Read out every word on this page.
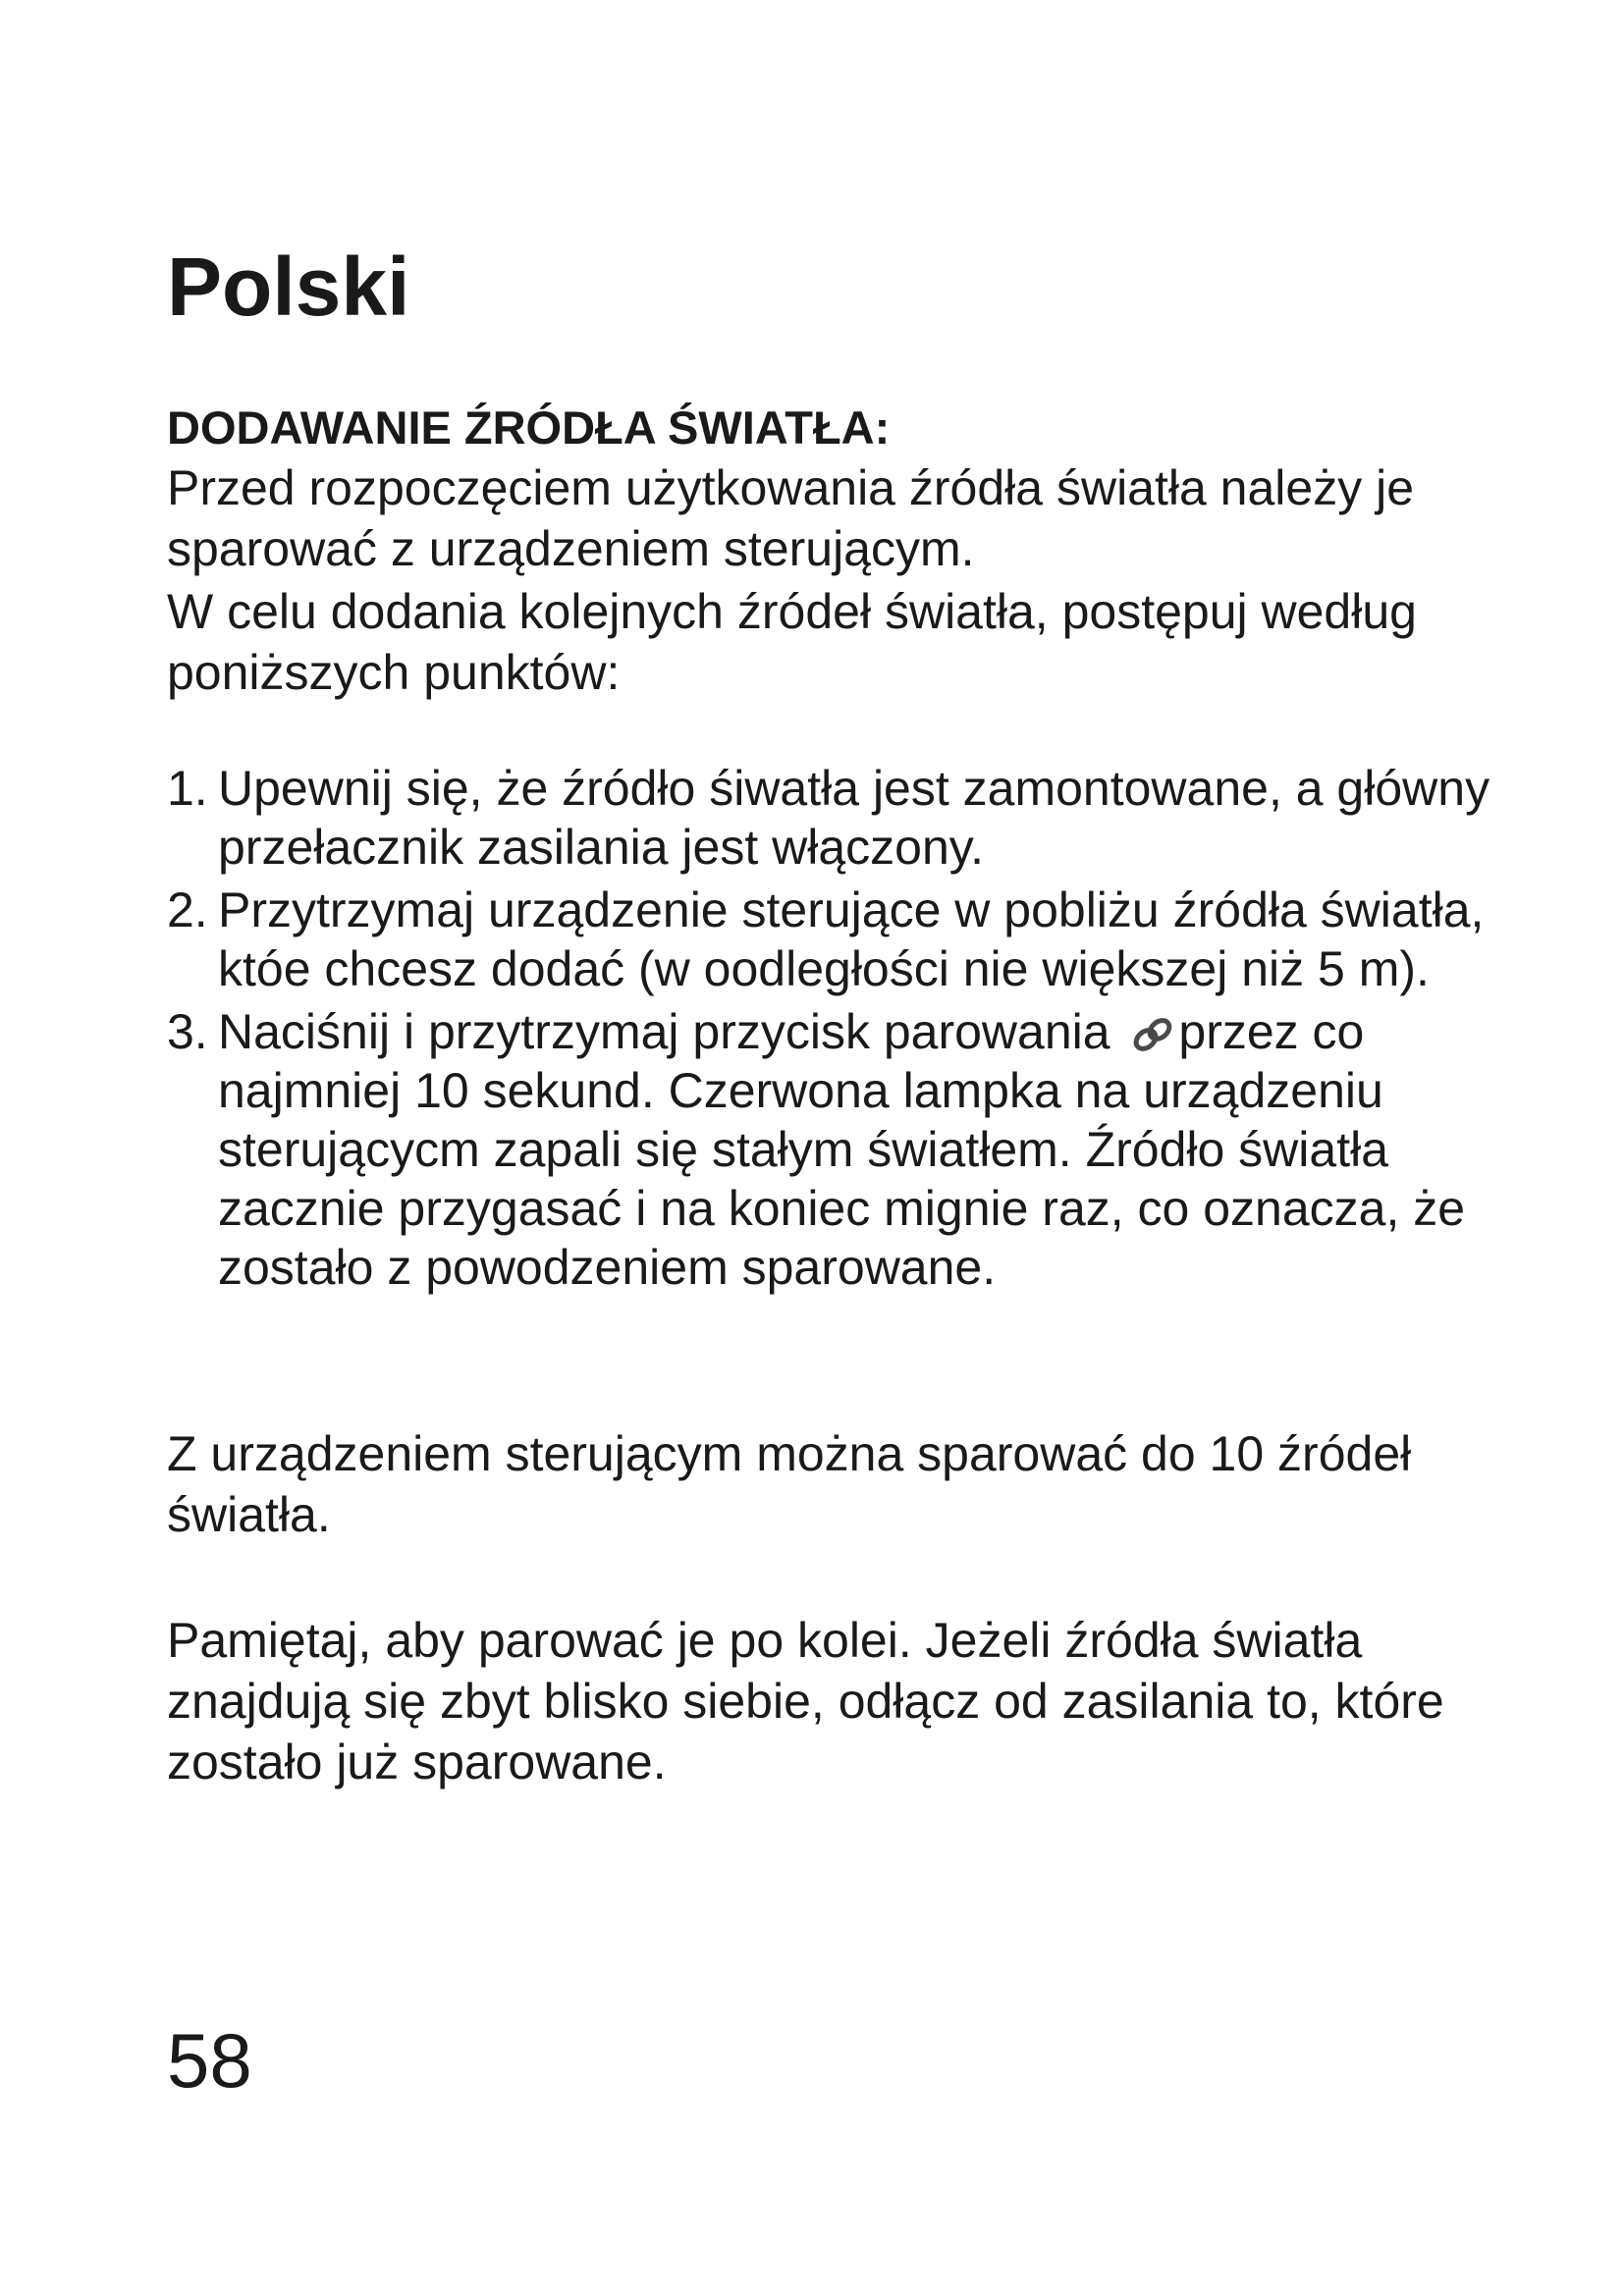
Polski
DODAWANIE ŹRÓDŁA ŚWIATŁA:

Przed rozpoczęciem użytkowania źródła światła należy je sparować z urządzeniem sterującym.

W celu dodania kolejnych źródeł światła, postępuj według poniższych punktów:

1. Upewnij się, że źródło śiwatła jest zamontowane, a główny przełacznik zasilania jest włączony.
2. Przytrzymaj urządzenie sterujące w pobliżu źródła światła, któe chcesz dodać (w oodległości nie większej niż 5 m).
3. Naciśnij i przytrzymaj przycisk parowania przez co najmniej 10 sekund. Czerwona lampka na urządzeniu sterującycm zapali się stałym światłem. Źródło światła zacznie przygasać i na koniec mignie raz, co oznacza, że zostało z powodzeniem sparowane.

Z urządzeniem sterującym można sparować do 10 źródeł światła.

Pamiętaj, aby parować je po kolei. Jeżeli źródła światła znajdują się zbyt blisko siebie, odłącz od zasilania to, które zostało już sparowane.

58
